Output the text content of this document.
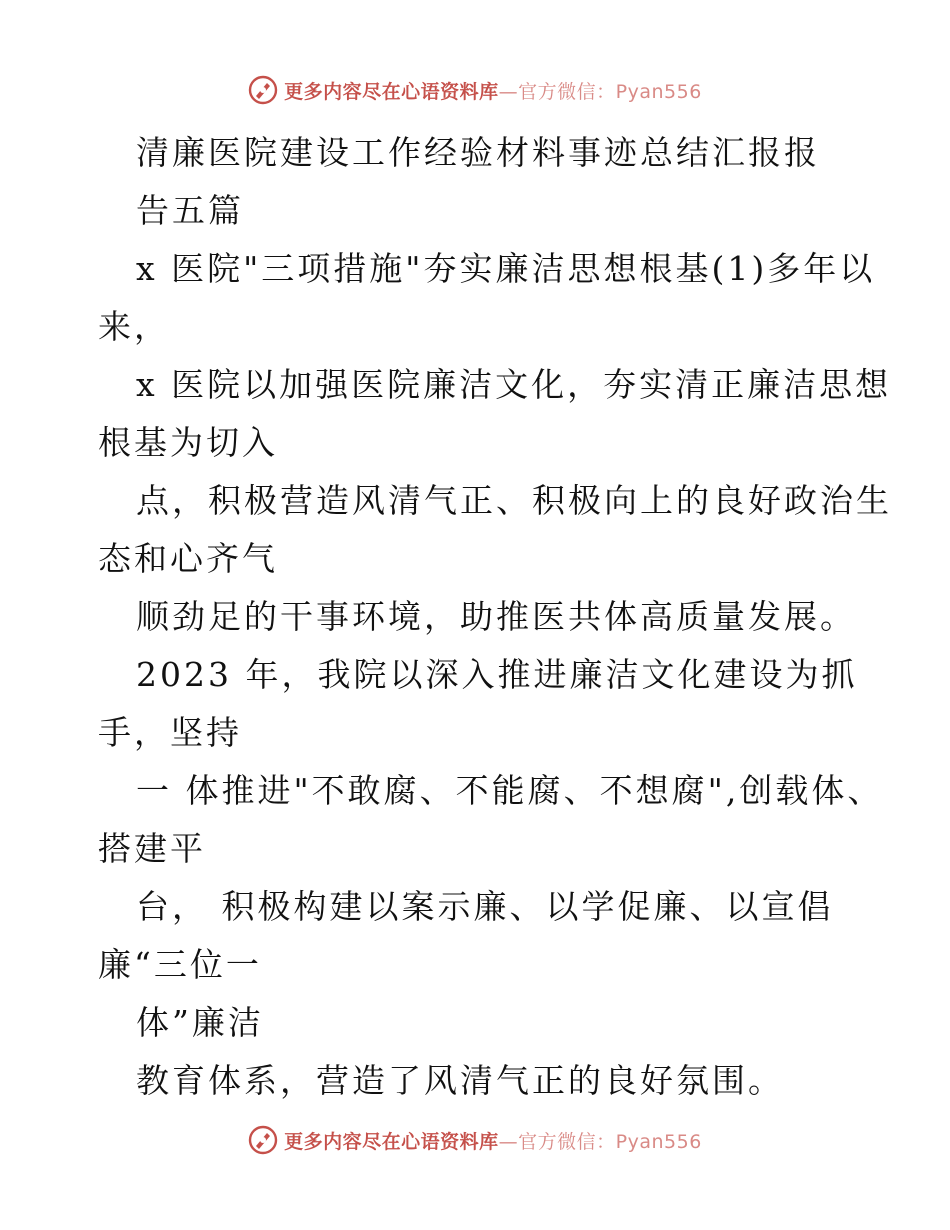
更多内容尽在心语资料库 —官方微信：Pyan556
清廉医院建设工作经验材料事迹总结汇报报
告五篇
x 医院"三项措施"夯实廉洁思想根基(1)多年以
来，
x 医院以加强医院廉洁文化，夯实清正廉洁思想
根基为切入
点，积极营造风清气正、积极向上的良好政治生
态和心齐气
顺劲足的干事环境，助推医共体高质量发展。
2023 年，我院以深入推进廉洁文化建设为抓
手，坚持
一 体推进"不敢腐、不能腐、不想腐",创载体、
搭建平
台， 积极构建以案示廉、以学促廉、以宣倡
廉“三位一
体”廉洁
教育体系，营造了风清气正的良好氛围。
更多内容尽在心语资料库 —官方微信：Pyan556
